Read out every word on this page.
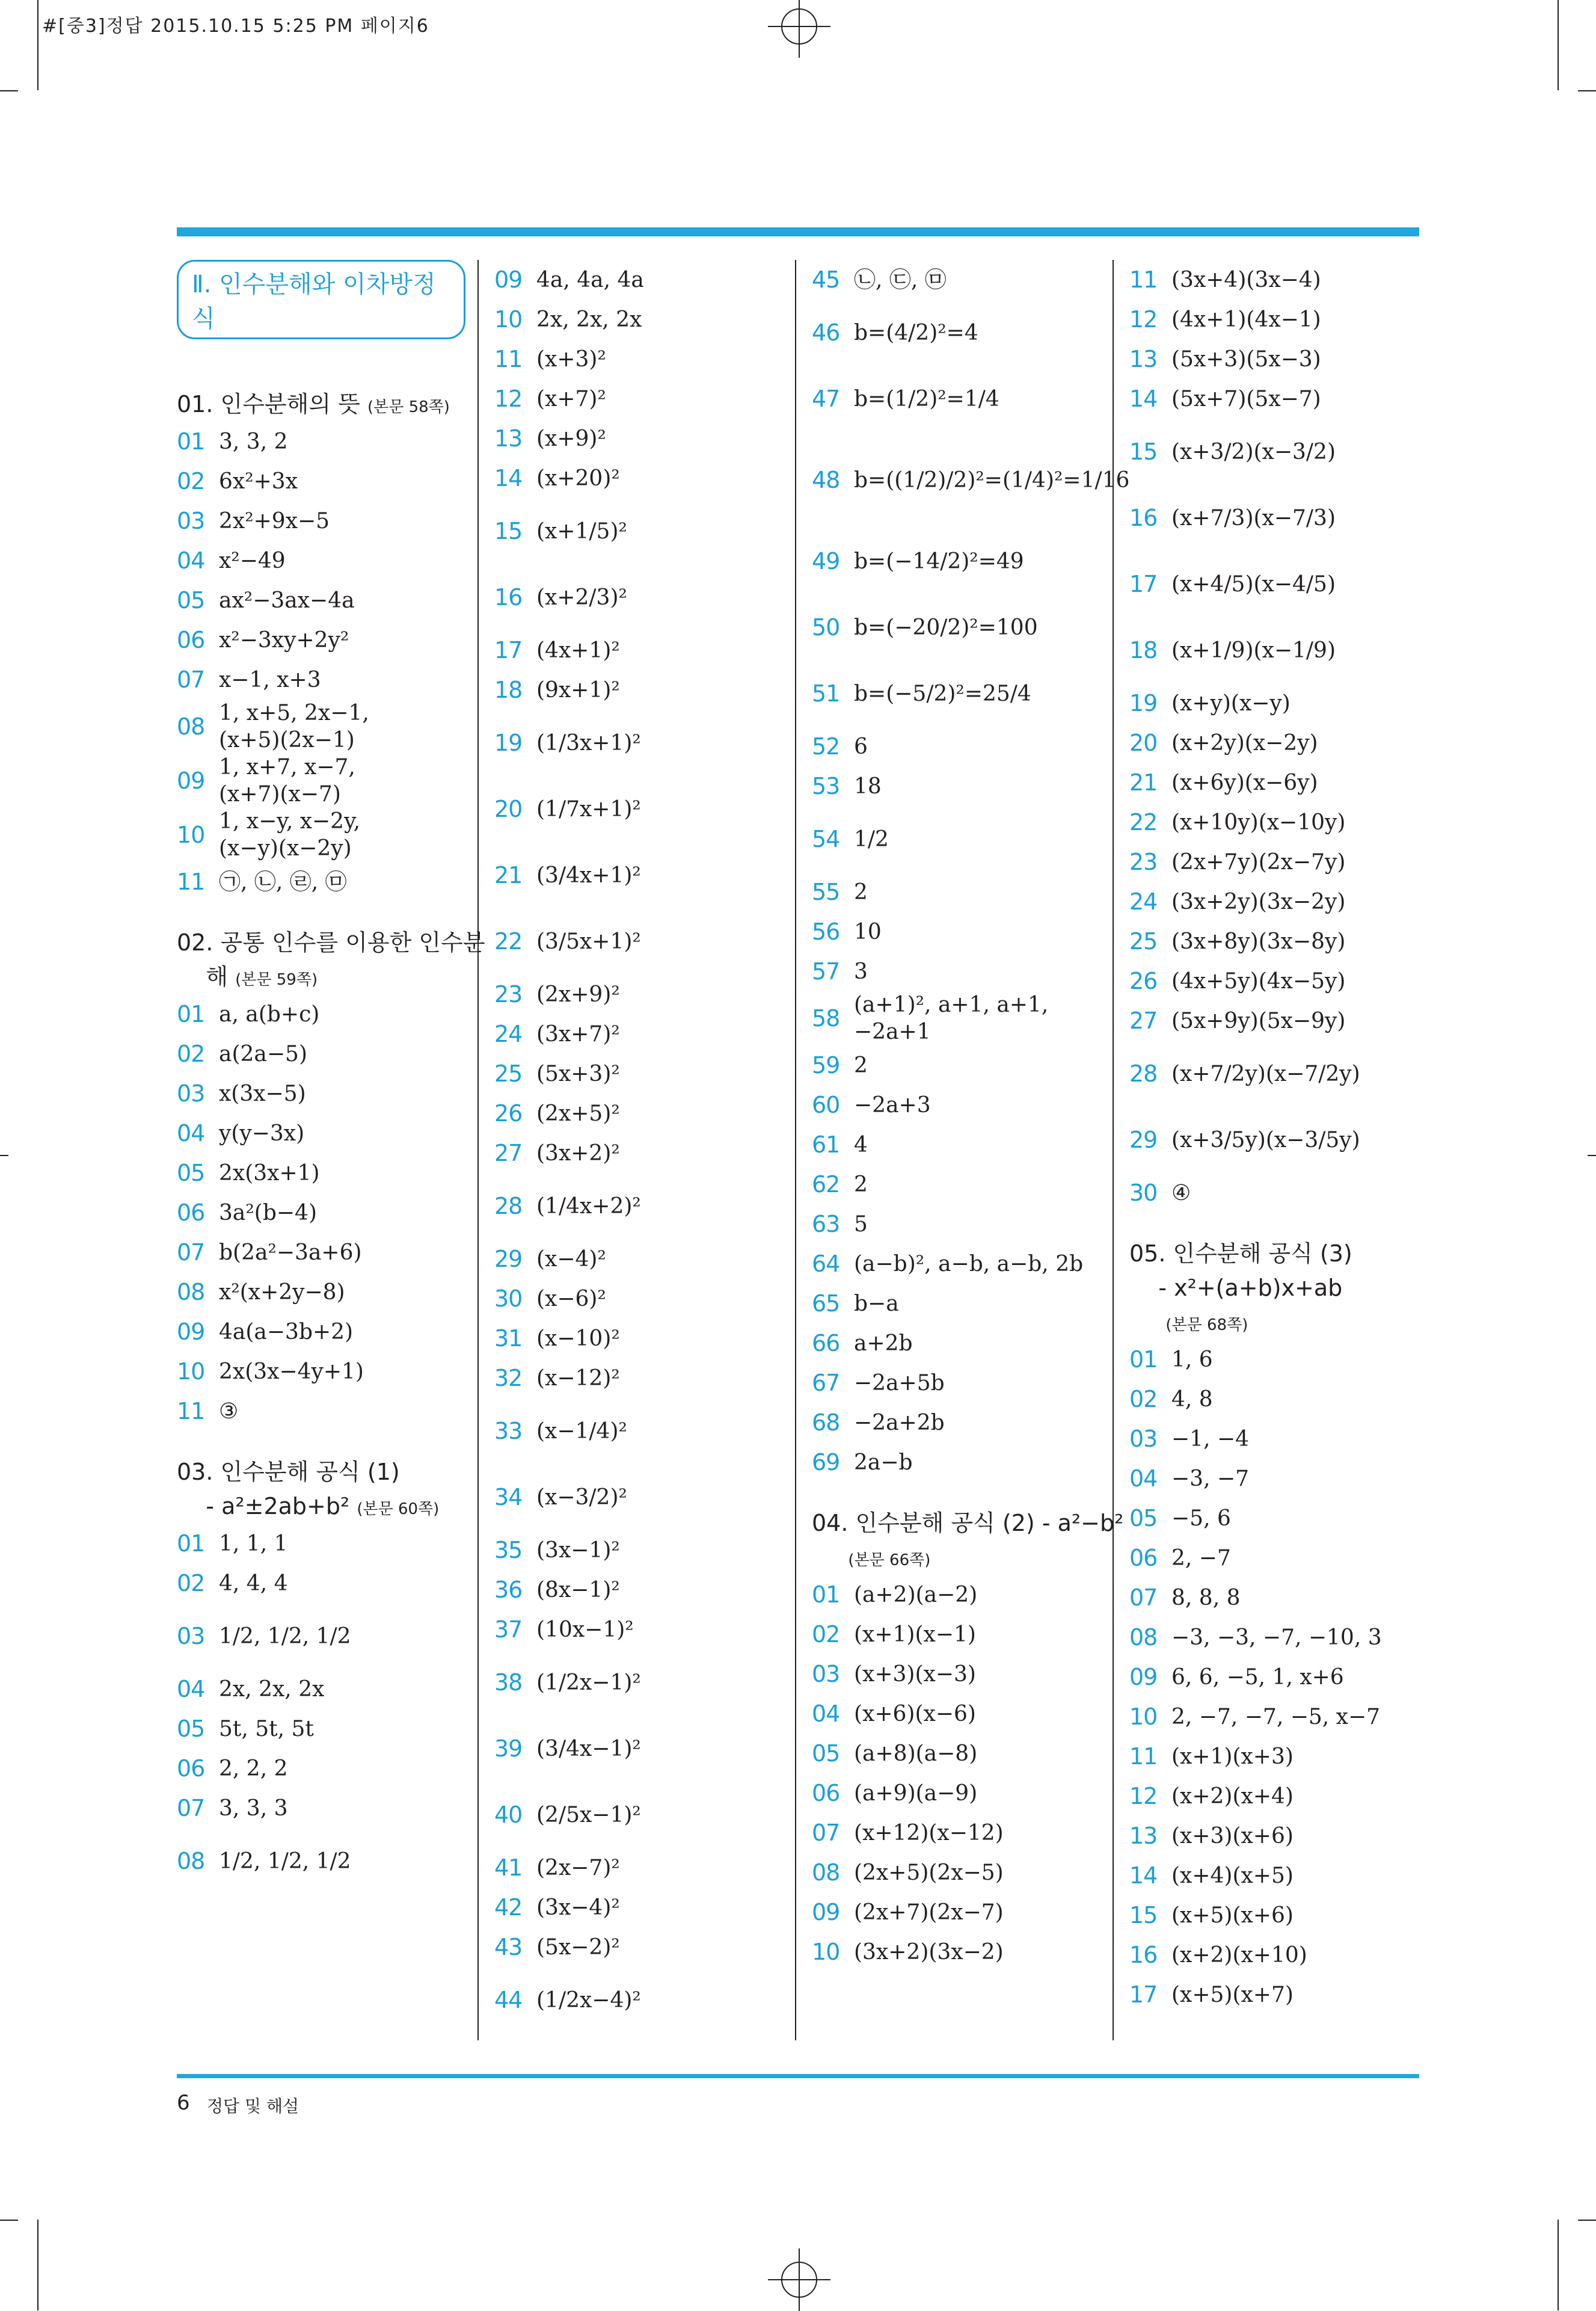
#[중3]정답 2015.10.15 5:25 PM 페이지6
Ⅱ. 인수분해와 이차방정식
01. 인수분해의 뜻 (본문 58쪽)
01 3, 3, 2
02 6x²+3x
03 2x²+9x−5
04 x²−49
05 ax²−3ax−4a
06 x²−3xy+2y²
07 x−1, x+3
08
1, x+5, 2x−1,
(x+5)(2x−1)
09
1, x+7, x−7,
(x+7)(x−7)
10
1, x−y, x−2y,
(x−y)(x−2y)
11 ㉠, ㉡, ㉣, ㉤
02. 공통 인수를 이용한 인수분
해 (본문 59쪽)
01 a, a(b+c)
02 a(2a−5)
03 x(3x−5)
04 y(y−3x)
05 2x(3x+1)
06 3a²(b−4)
07 b(2a²−3a+6)
08 x²(x+2y−8)
09 4a(a−3b+2)
10 2x(3x−4y+1)
11 ③
03. 인수분해 공식 (1)
- a²±2ab+b² (본문 60쪽)
01 1, 1, 1
02 4, 4, 4
03 1/2, 1/2, 1/2
04 2x, 2x, 2x
05 5t, 5t, 5t
06 2, 2, 2
07 3, 3, 3
08 1/2, 1/2, 1/2
09 4a, 4a, 4a
10 2x, 2x, 2x
11 (x+3)²
12 (x+7)²
13 (x+9)²
14 (x+20)²
15 (x+1/5)²
16 (x+2/3)²
17 (4x+1)²
18 (9x+1)²
19 (1/3x+1)²
20 (1/7x+1)²
21 (3/4x+1)²
22 (3/5x+1)²
23 (2x+9)²
24 (3x+7)²
25 (5x+3)²
26 (2x+5)²
27 (3x+2)²
28 (1/4x+2)²
29 (x−4)²
30 (x−6)²
31 (x−10)²
32 (x−12)²
33 (x−1/4)²
34 (x−3/2)²
35 (3x−1)²
36 (8x−1)²
37 (10x−1)²
38 (1/2x−1)²
39 (3/4x−1)²
40 (2/5x−1)²
41 (2x−7)²
42 (3x−4)²
43 (5x−2)²
44 (1/2x−4)²
45 ㉡, ㉢, ㉤
46 b=(4/2)²=4
47 b=(1/2)²=1/4
48 b=((1/2)/2)²=(1/4)²=1/16
49 b=(−14/2)²=49
50 b=(−20/2)²=100
51 b=(−5/2)²=25/4
52 6
53 18
54 1/2
55 2
56 10
57 3
58
(a+1)², a+1, a+1,
−2a+1
59 2
60 −2a+3
61 4
62 2
63 5
64 (a−b)², a−b, a−b, 2b
65 b−a
66 a+2b
67 −2a+5b
68 −2a+2b
69 2a−b
04. 인수분해 공식 (2) - a²−b²
(본문 66쪽)
01 (a+2)(a−2)
02 (x+1)(x−1)
03 (x+3)(x−3)
04 (x+6)(x−6)
05 (a+8)(a−8)
06 (a+9)(a−9)
07 (x+12)(x−12)
08 (2x+5)(2x−5)
09 (2x+7)(2x−7)
10 (3x+2)(3x−2)
11 (3x+4)(3x−4)
12 (4x+1)(4x−1)
13 (5x+3)(5x−3)
14 (5x+7)(5x−7)
15 (x+3/2)(x−3/2)
16 (x+7/3)(x−7/3)
17 (x+4/5)(x−4/5)
18 (x+1/9)(x−1/9)
19 (x+y)(x−y)
20 (x+2y)(x−2y)
21 (x+6y)(x−6y)
22 (x+10y)(x−10y)
23 (2x+7y)(2x−7y)
24 (3x+2y)(3x−2y)
25 (3x+8y)(3x−8y)
26 (4x+5y)(4x−5y)
27 (5x+9y)(5x−9y)
28 (x+7/2y)(x−7/2y)
29 (x+3/5y)(x−3/5y)
30 ④
05. 인수분해 공식 (3)
- x²+(a+b)x+ab
(본문 68쪽)
01 1, 6
02 4, 8
03 −1, −4
04 −3, −7
05 −5, 6
06 2, −7
07 8, 8, 8
08 −3, −3, −7, −10, 3
09 6, 6, −5, 1, x+6
10 2, −7, −7, −5, x−7
11 (x+1)(x+3)
12 (x+2)(x+4)
13 (x+3)(x+6)
14 (x+4)(x+5)
15 (x+5)(x+6)
16 (x+2)(x+10)
17 (x+5)(x+7)
6 정답 및 해설
